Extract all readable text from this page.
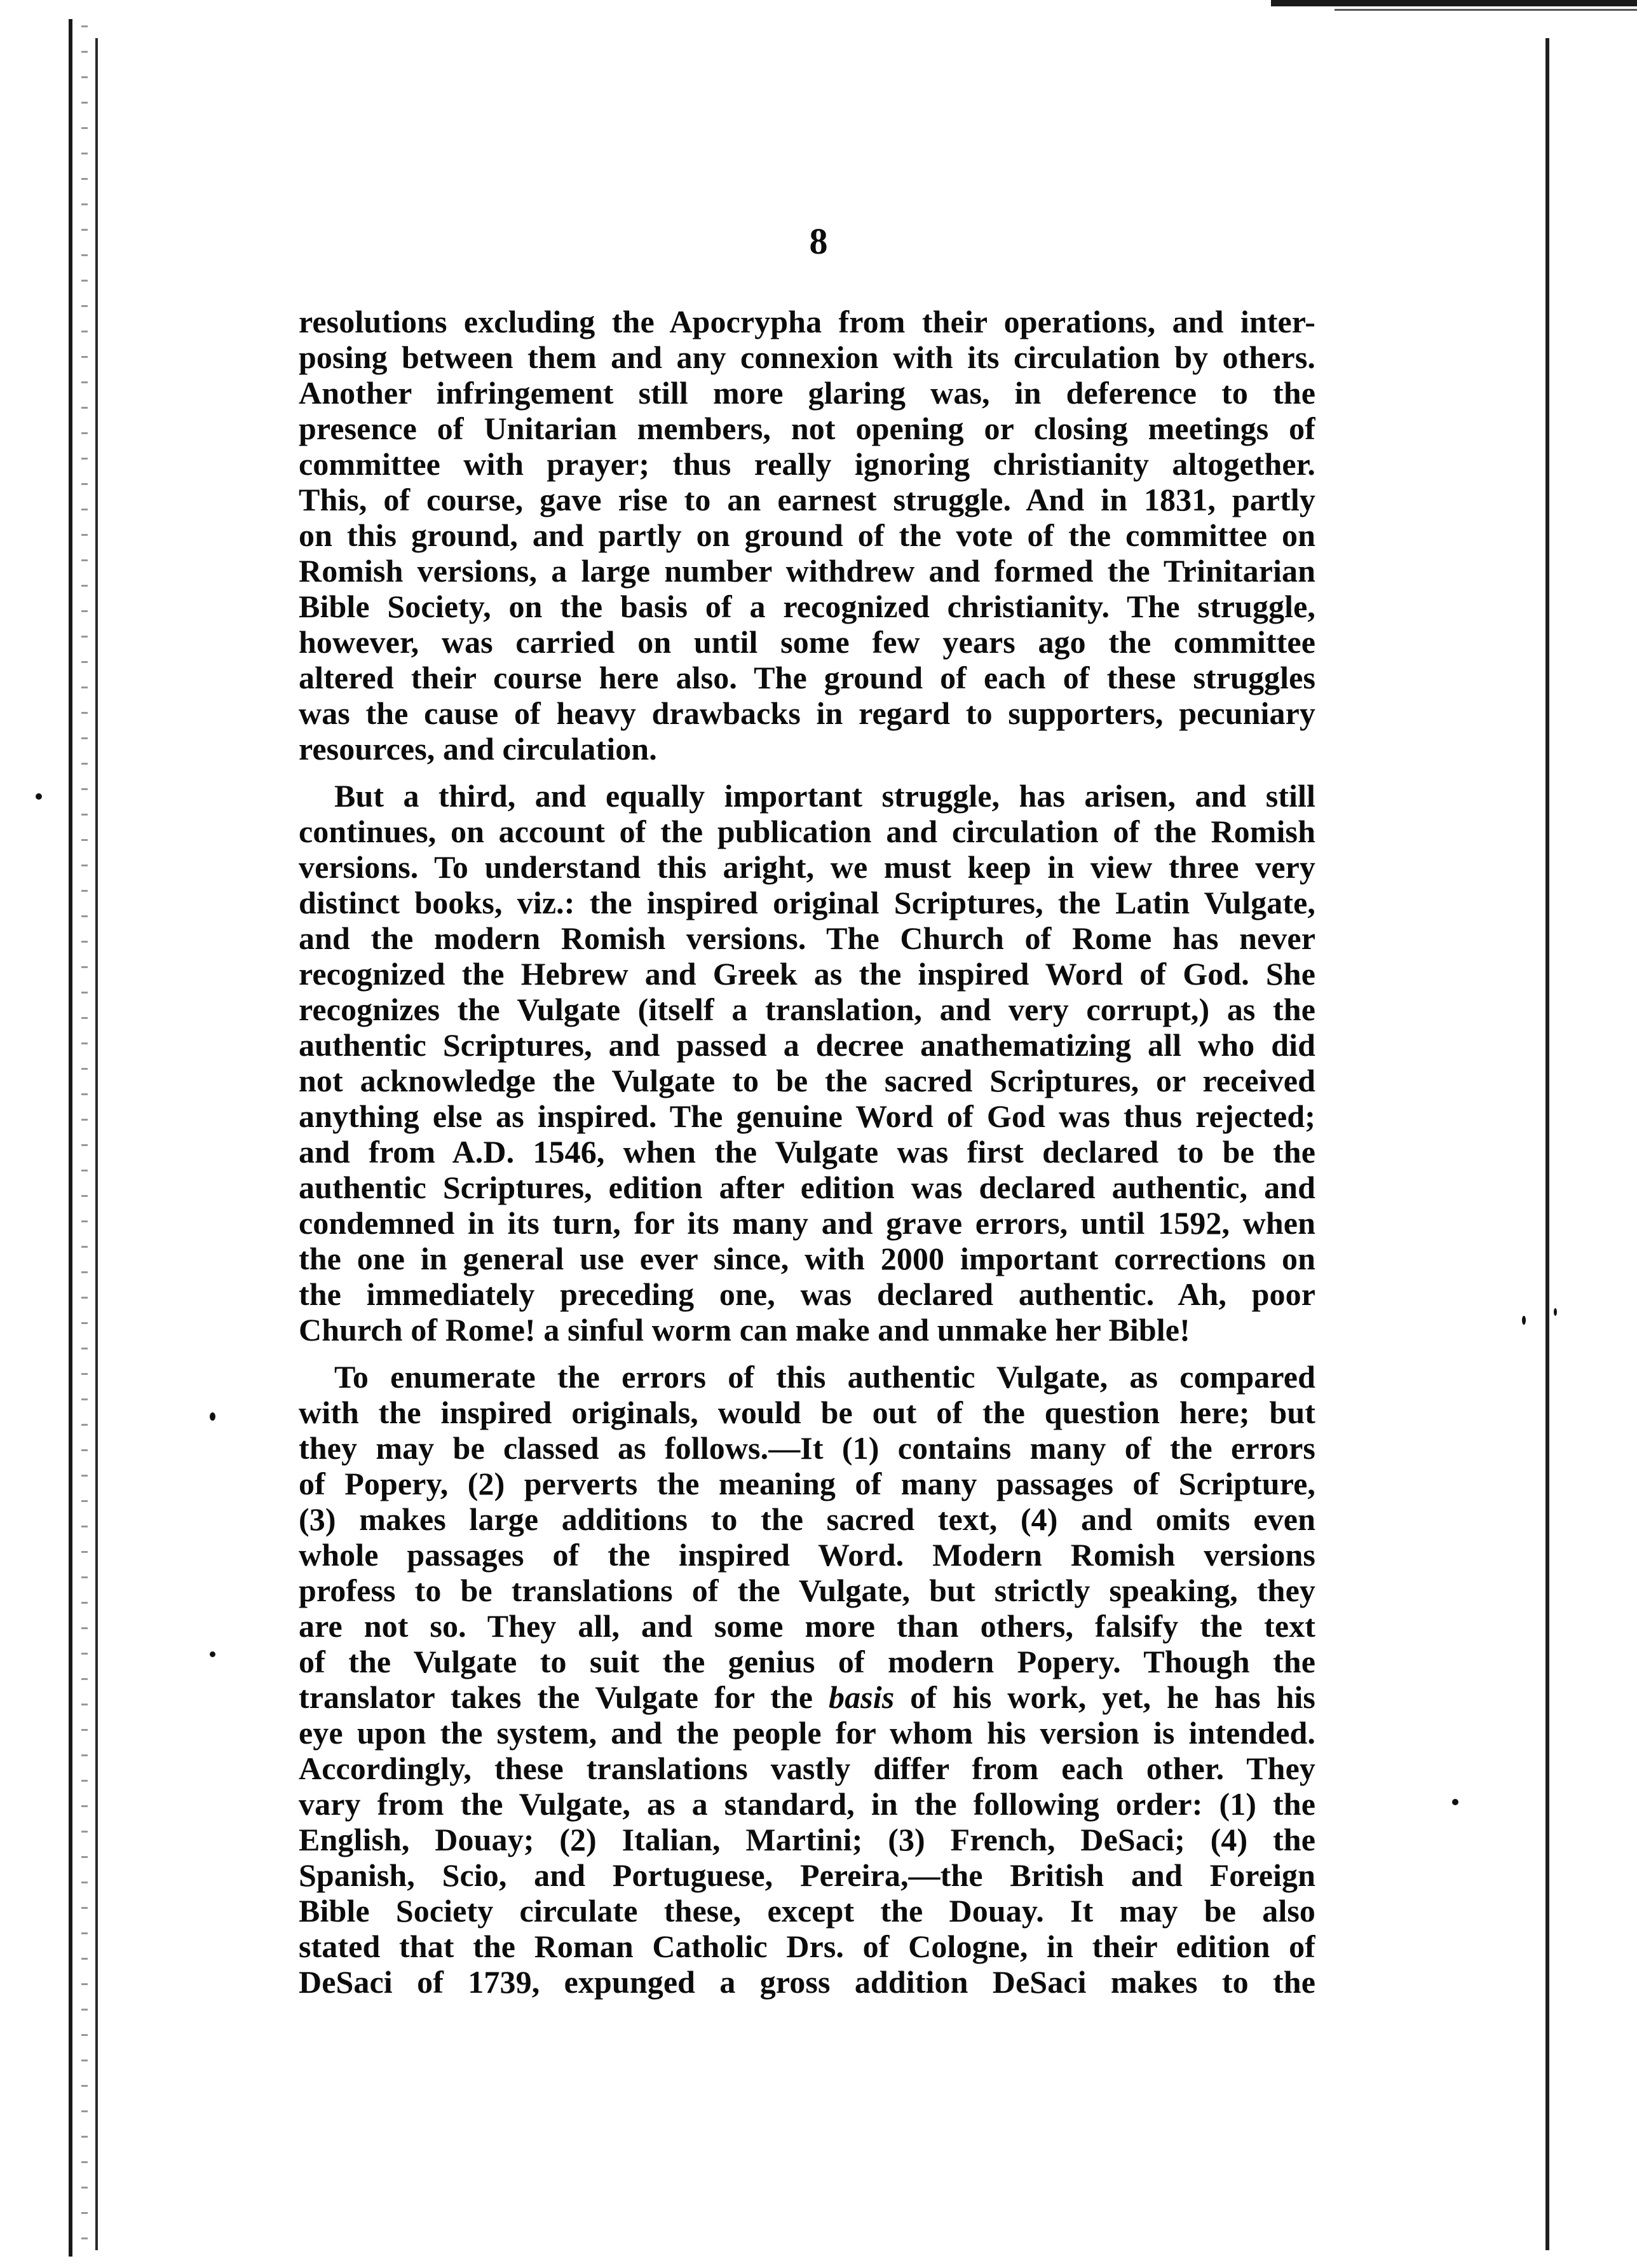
8
resolutions excluding the Apocrypha from their operations, and inter-
posing between them and any connexion with its circulation by others.
Another infringement still more glaring was, in deference to the
presence of Unitarian members, not opening or closing meetings of
committee with prayer; thus really ignoring christianity altogether.
This, of course, gave rise to an earnest struggle. And in 1831, partly
on this ground, and partly on ground of the vote of the committee on
Romish versions, a large number withdrew and formed the Trinitarian
Bible Society, on the basis of a recognized christianity. The struggle,
however, was carried on until some few years ago the committee
altered their course here also. The ground of each of these struggles
was the cause of heavy drawbacks in regard to supporters, pecuniary
resources, and circulation.
But a third, and equally important struggle, has arisen, and still
continues, on account of the publication and circulation of the Romish
versions. To understand this aright, we must keep in view three very
distinct books, viz.: the inspired original Scriptures, the Latin Vulgate,
and the modern Romish versions. The Church of Rome has never
recognized the Hebrew and Greek as the inspired Word of God. She
recognizes the Vulgate (itself a translation, and very corrupt,) as the
authentic Scriptures, and passed a decree anathematizing all who did
not acknowledge the Vulgate to be the sacred Scriptures, or received
anything else as inspired. The genuine Word of God was thus rejected;
and from A.D. 1546, when the Vulgate was first declared to be the
authentic Scriptures, edition after edition was declared authentic, and
condemned in its turn, for its many and grave errors, until 1592, when
the one in general use ever since, with 2000 important corrections on
the immediately preceding one, was declared authentic. Ah, poor
Church of Rome! a sinful worm can make and unmake her Bible!
To enumerate the errors of this authentic Vulgate, as compared
with the inspired originals, would be out of the question here; but
they may be classed as follows.—It (1) contains many of the errors
of Popery, (2) perverts the meaning of many passages of Scripture,
(3) makes large additions to the sacred text, (4) and omits even
whole passages of the inspired Word. Modern Romish versions
profess to be translations of the Vulgate, but strictly speaking, they
are not so. They all, and some more than others, falsify the text
of the Vulgate to suit the genius of modern Popery. Though the
translator takes the Vulgate for the basis of his work, yet, he has his
eye upon the system, and the people for whom his version is intended.
Accordingly, these translations vastly differ from each other. They
vary from the Vulgate, as a standard, in the following order: (1) the
English, Douay; (2) Italian, Martini; (3) French, DeSaci; (4) the
Spanish, Scio, and Portuguese, Pereira,—the British and Foreign
Bible Society circulate these, except the Douay. It may be also
stated that the Roman Catholic Drs. of Cologne, in their edition of
DeSaci of 1739, expunged a gross addition DeSaci makes to the
